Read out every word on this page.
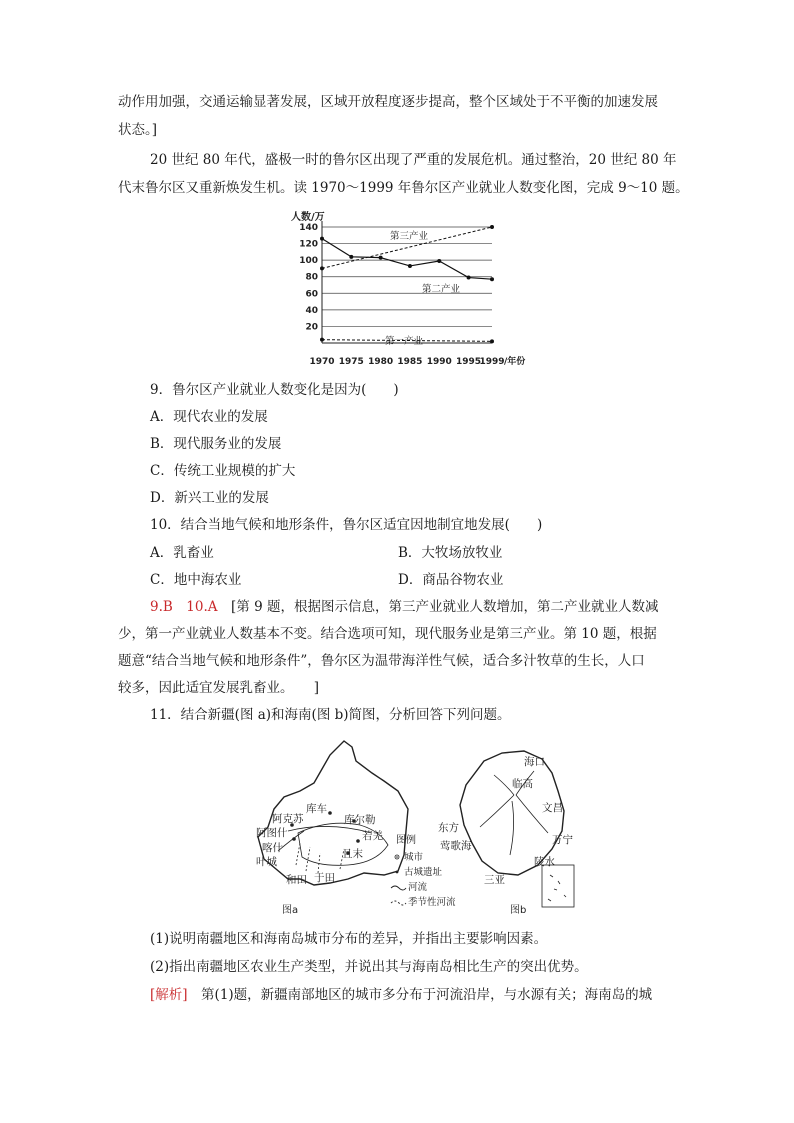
动作用加强，交通运输显著发展，区域开放程度逐步提高，整个区域处于不平衡的加速发展
状态。]
20 世纪 80 年代，盛极一时的鲁尔区出现了严重的发展危机。通过整治，20 世纪 80 年
代末鲁尔区又重新焕发生机。读 1970～1999 年鲁尔区产业就业人数变化图，完成 9～10 题。
人数/万
20
40
60
80
100
120
140
1970 1975 1980 1985 1990 1995
1999 /年份
第三产业
第二产业
第一产业
9．鲁尔区产业就业人数变化是因为(　　)
A．现代农业的发展
B．现代服务业的发展
C．传统工业规模的扩大
D．新兴工业的发展
10．结合当地气候和地形条件，鲁尔区适宜因地制宜地发展(　　)
A．乳畜业	B．大牧场放牧业
C．地中海农业	D．商品谷物农业
9.B　10.A　[第 9 题，根据图示信息，第三产业就业人数增加，第二产业就业人数减
少，第一产业就业人数基本不变。结合选项可知，现代服务业是第三产业。第 10 题，根据
题意“结合当地气候和地形条件”，鲁尔区为温带海洋性气候，适合多汁牧草的生长，人口
较多，因此适宜发展乳畜业。　　]
11．结合新疆(图 a)和海南(图 b)简图，分析回答下列问题。
库车
库尔勒
阿克苏
阿图什
喀什
叶城
和田 于田
且末
若羌 图例
城市
古城遗址
河流
季节性河流
图a
海口
临高
文昌
东方
万宁
莺歌海
陵水
三亚
图b
(1)说明南疆地区和海南岛城市分布的差异，并指出主要影响因素。
(2)指出南疆地区农业生产类型，并说出其与海南岛相比生产的突出优势。
[解析]　第(1)题，新疆南部地区的城市多分布于河流沿岸，与水源有关；海南岛的城
